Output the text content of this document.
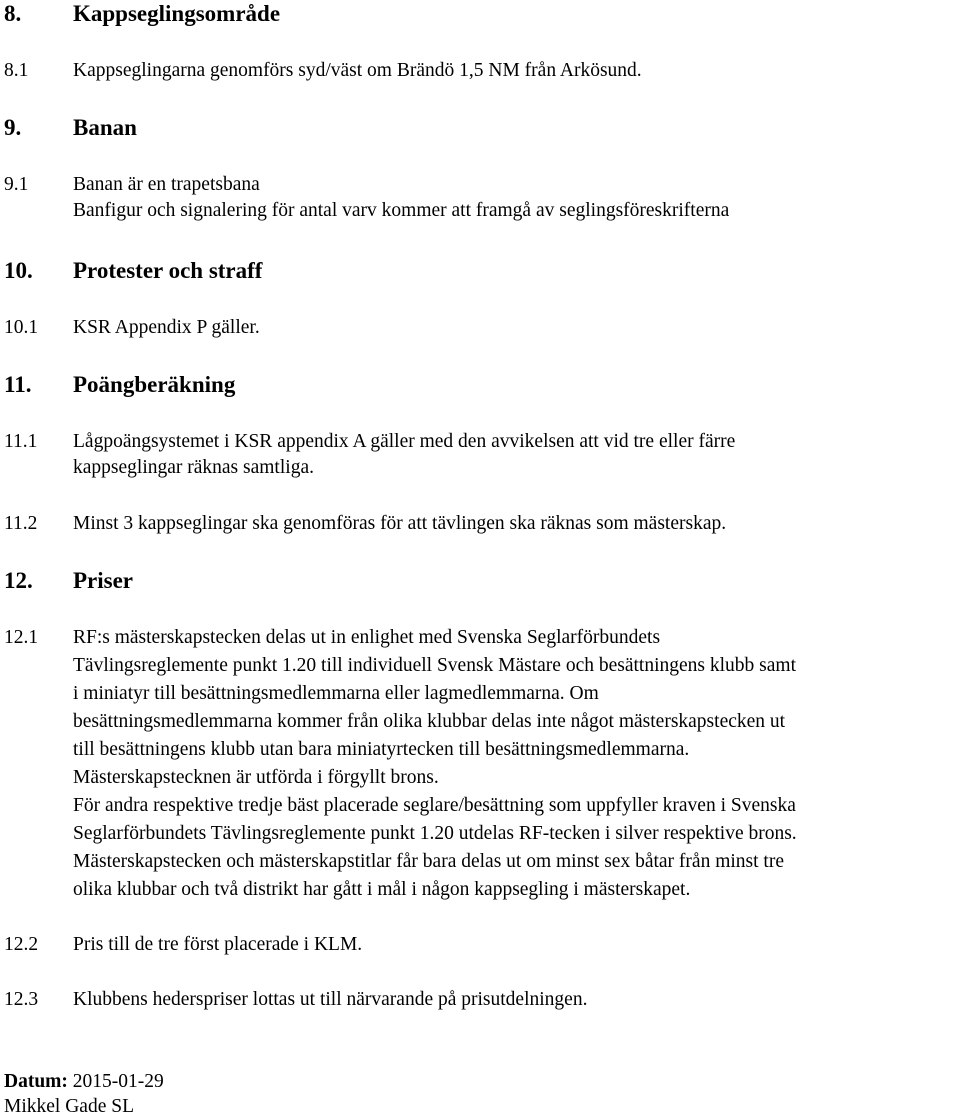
8. Kappseglingsområde
8.1 Kappseglingarna genomförs syd/väst om Brändö 1,5 NM från Arkösund.
9. Banan
9.1 Banan är en trapetsbana
Banfigur och signalering för antal varv kommer att framgå av seglingsföreskrifterna
10. Protester och straff
10.1 KSR Appendix P gäller.
11. Poängberäkning
11.1 Lågpoängsystemet i KSR appendix A gäller med den avvikelsen att vid tre eller färre
kappseglingar räknas samtliga.
11.2 Minst 3 kappseglingar ska genomföras för att tävlingen ska räknas som mästerskap.
12. Priser
12.1 RF:s mästerskapstecken delas ut in enlighet med Svenska Seglarförbundets
Tävlingsreglemente punkt 1.20 till individuell Svensk Mästare och besättningens klubb samt
i miniatyr till besättningsmedlemmarna eller lagmedlemmarna. Om
besättningsmedlemmarna kommer från olika klubbar delas inte något mästerskapstecken ut
till besättningens klubb utan bara miniatyrtecken till besättningsmedlemmarna.
Mästerskapstecknen är utförda i förgyllt brons.
För andra respektive tredje bäst placerade seglare/besättning som uppfyller kraven i Svenska
Seglarförbundets Tävlingsreglemente punkt 1.20 utdelas RF-tecken i silver respektive brons.
Mästerskapstecken och mästerskapstitlar får bara delas ut om minst sex båtar från minst tre
olika klubbar och två distrikt har gått i mål i någon kappsegling i mästerskapet.
12.2 Pris till de tre först placerade i KLM.
12.3 Klubbens hederspriser lottas ut till närvarande på prisutdelningen.
Datum: 2015-01-29
Mikkel Gade SL
